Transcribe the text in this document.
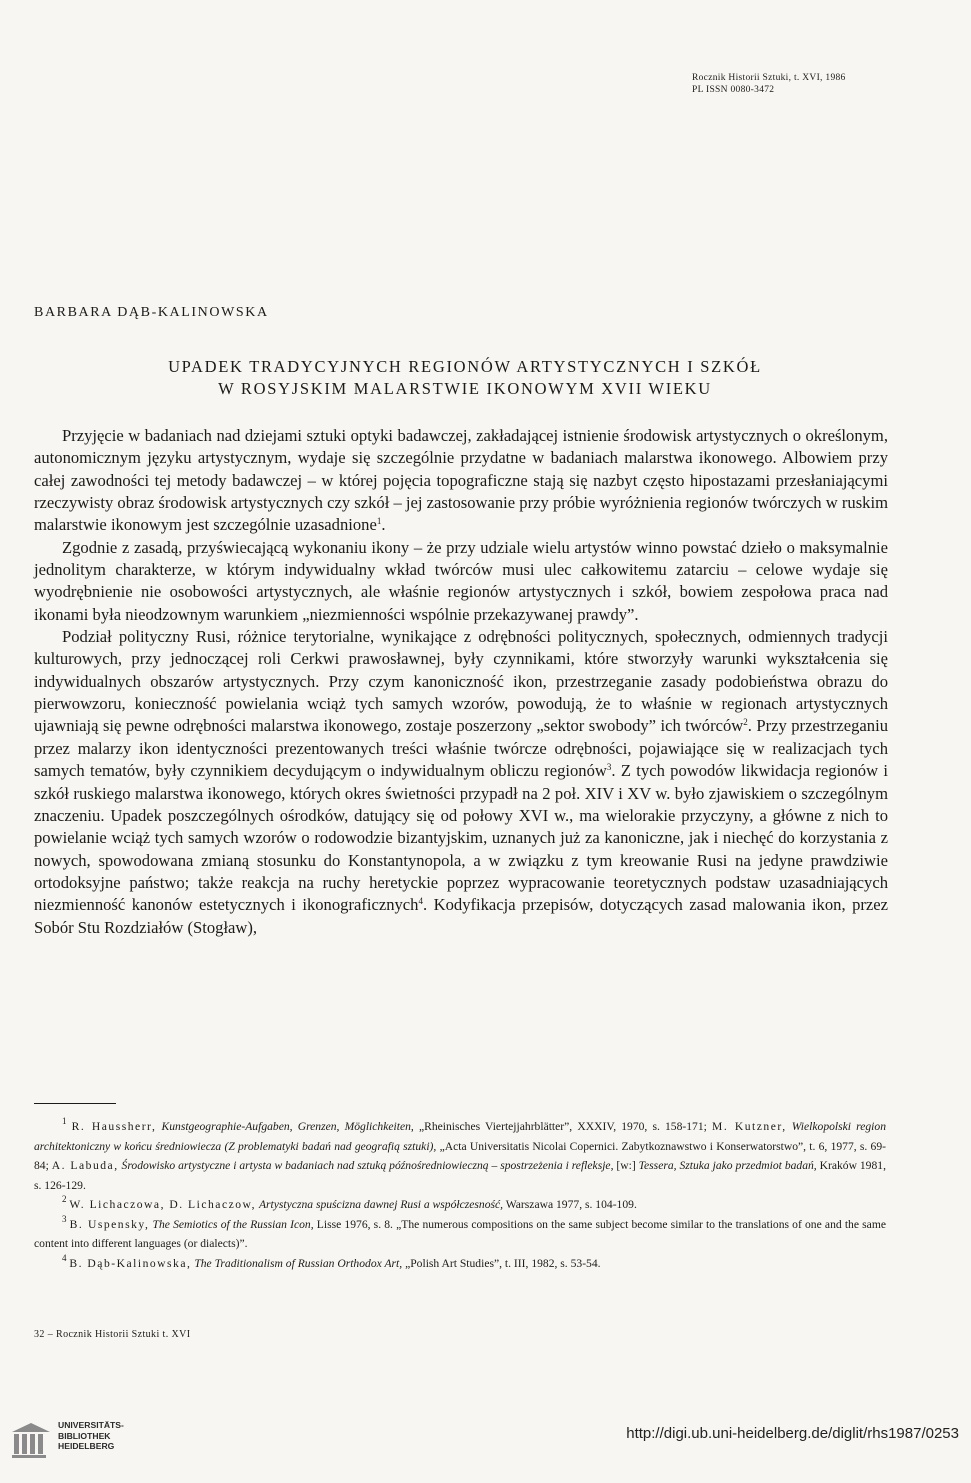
Rocznik Historii Sztuki, t. XVI, 1986
PL ISSN 0080-3472
BARBARA DĄB-KALINOWSKA
UPADEK TRADYCYJNYCH REGIONÓW ARTYSTYCZNYCH I SZKÓŁ
W ROSYJSKIM MALARSTWIE IKONOWYM XVII WIEKU

Przyjęcie w badaniach nad dziejami sztuki optyki badawczej, zakładającej istnienie środowisk artystycznych o określonym, autonomicznym języku artystycznym, wydaje się szczególnie przydatne w badaniach malarstwa ikonowego. Albowiem przy całej zawodności tej metody badawczej – w której pojęcia topograficzne stają się nazbyt często hipostazami przesłaniającymi rzeczywisty obraz środowisk artystycznych czy szkół – jej zastosowanie przy próbie wyróżnienia regionów twórczych w ruskim malarstwie ikonowym jest szczególnie uzasadnione$^1$.

Zgodnie z zasadą, przyświecającą wykonaniu ikony – że przy udziale wielu artystów winno powstać dzieło o maksymalnie jednolitym charakterze, w którym indywidualny wkład twórców musi ulec całkowitemu zatarciu – celowe wydaje się wyodrębnienie nie osobowości artystycznych, ale właśnie regionów artystycznych i szkół, bowiem zespołowa praca nad ikonami była nieodzownym warunkiem „niezmienności wspólnie przekazywanej prawdy”.

Podział polityczny Rusi, różnice terytorialne, wynikające z odrębności politycznych, społecznych, odmiennych tradycji kulturowych, przy jednoczącej roli Cerkwi prawosławnej, były czynnikami, które stworzyły warunki wykształcenia się indywidualnych obszarów artystycznych. Przy czym kanoniczność ikon, przestrzeganie zasady podobieństwa obrazu do pierwowzoru, konieczność powielania wciąż tych samych wzorów, powodują, że to właśnie w regionach artystycznych ujawniają się pewne odrębności malarstwa ikonowego, zostaje poszerzony „sektor swobody” ich twórców$^2$. Przy przestrzeganiu przez malarzy ikon identyczności prezentowanych treści właśnie twórcze odrębności, pojawiające się w realizacjach tych samych tematów, były czynnikiem decydującym o indywidualnym obliczu regionów$^3$. Z tych powodów likwidacja regionów i szkół ruskiego malarstwa ikonowego, których okres świetności przypadł na 2 poł. XIV i XV w. było zjawiskiem o szczególnym znaczeniu. Upadek poszczególnych ośrodków, datujący się od połowy XVI w., ma wielorakie przyczyny, a główne z nich to powielanie wciąż tych samych wzorów o rodowodzie bizantyjskim, uznanych już za kanoniczne, jak i niechęć do korzystania z nowych, spowodowana zmianą stosunku do Konstantynopola, a w związku z tym kreowanie Rusi na jedyne prawdziwie ortodoksyjne państwo; także reakcja na ruchy heretyckie poprzez wypracowanie teoretycznych podstaw uzasadniających niezmienność kanonów estetycznych i ikonograficznych$^4$. Kodyfikacja przepisów, dotyczących zasad malowania ikon, przez Sobór Stu Rozdziałów (Stogław),

$^1$ R. Haussherr, Kunstgeographie-Aufgaben, Grenzen, Möglichkeiten, „Rheinisches Viertejjahrblätter”, XXXIV, 1970, s. 158-171; M. Kutzner, Wielkopolski region architektoniczny w końcu średniowiecza (Z problematyki badań nad geografią sztuki), „Acta Universitatis Nicolai Copernici. Zabytkoznawstwo i Konserwatorstwo”, t. 6, 1977, s. 69-84; A. Labuda, Środowisko artystyczne i artysta w badaniach nad sztuką późnośredniowieczną – spostrzeżenia i refleksje, [w:] Tessera, Sztuka jako przedmiot badań, Kraków 1981, s. 126-129.

$^2$ W. Lichaczowa, D. Lichaczow, Artystyczna spuścizna dawnej Rusi a współczesność, Warszawa 1977, s. 104-109.

$^3$ B. Uspensky, The Semiotics of the Russian Icon, Lisse 1976, s. 8. „The numerous compositions on the same subject become similar to the translations of one and the same content into different languages (or dialects)”.

$^4$ B. Dąb-Kalinowska, The Traditionalism of Russian Orthodox Art, „Polish Art Studies”, t. III, 1982, s. 53-54.

32 – Rocznik Historii Sztuki t. XVI
UNIVERSITÄTS-
BIBLIOTHEK
HEIDELBERG
http://digi.ub.uni-heidelberg.de/diglit/rhs1987/0253
